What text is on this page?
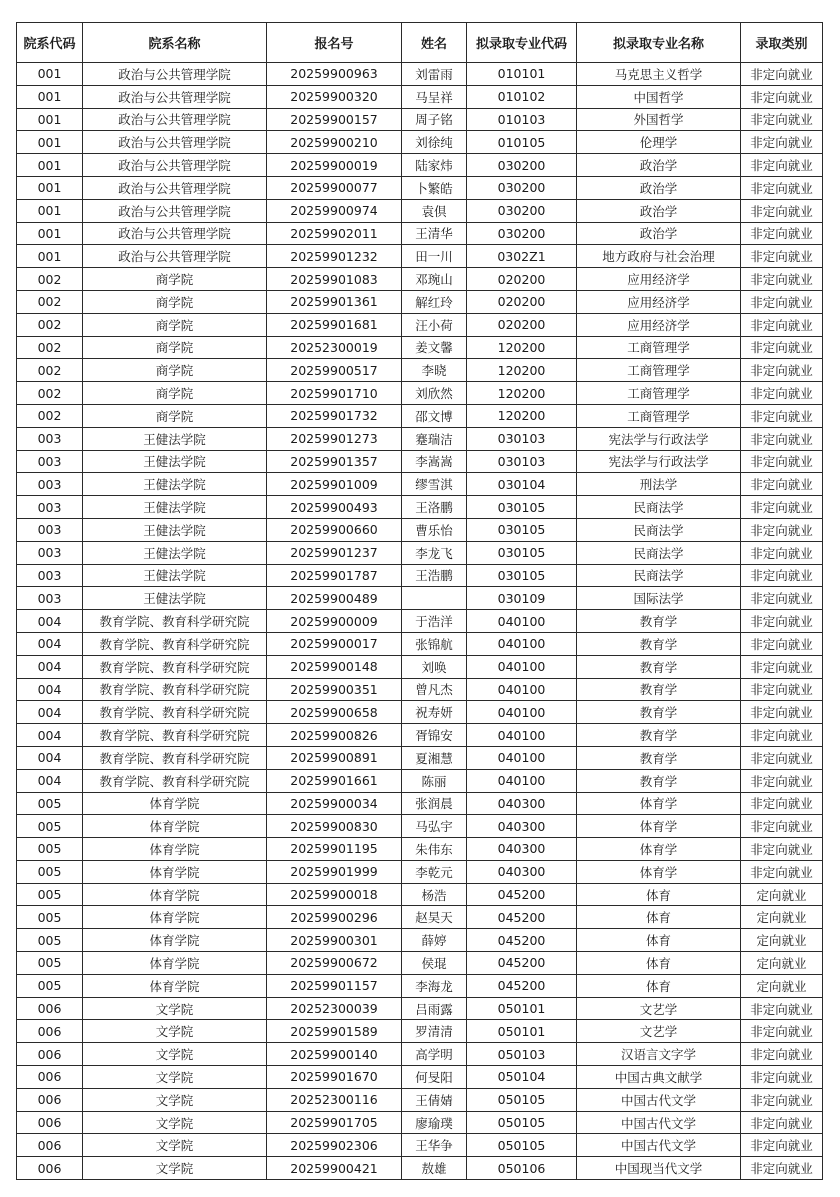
院系代码	院系名称	报名号	姓名	拟录取专业代码	拟录取专业名称	录取类别
001	政治与公共管理学院	20259900963	刘雷雨	010101	马克思主义哲学	非定向就业
001	政治与公共管理学院	20259900320	马呈祥	010102	中国哲学	非定向就业
001	政治与公共管理学院	20259900157	周子铭	010103	外国哲学	非定向就业
001	政治与公共管理学院	20259900210	刘徐纯	010105	伦理学	非定向就业
001	政治与公共管理学院	20259900019	陆家炜	030200	政治学	非定向就业
001	政治与公共管理学院	20259900077	卜繁皓	030200	政治学	非定向就业
001	政治与公共管理学院	20259900974	袁倶	030200	政治学	非定向就业
001	政治与公共管理学院	20259902011	王清华	030200	政治学	非定向就业
001	政治与公共管理学院	20259901232	田一川	0302Z1	地方政府与社会治理	非定向就业
002	商学院	20259901083	邓琬山	020200	应用经济学	非定向就业
002	商学院	20259901361	解红玲	020200	应用经济学	非定向就业
002	商学院	20259901681	汪小荷	020200	应用经济学	非定向就业
002	商学院	20252300019	姜文馨	120200	工商管理学	非定向就业
002	商学院	20259900517	李晓	120200	工商管理学	非定向就业
002	商学院	20259901710	刘欣然	120200	工商管理学	非定向就业
002	商学院	20259901732	邵文博	120200	工商管理学	非定向就业
003	王健法学院	20259901273	蹇瑞洁	030103	宪法学与行政法学	非定向就业
003	王健法学院	20259901357	李嵩嵩	030103	宪法学与行政法学	非定向就业
003	王健法学院	20259901009	缪雪淇	030104	刑法学	非定向就业
003	王健法学院	20259900493	王洛鹏	030105	民商法学	非定向就业
003	王健法学院	20259900660	曹乐怡	030105	民商法学	非定向就业
003	王健法学院	20259901237	李龙飞	030105	民商法学	非定向就业
003	王健法学院	20259901787	王浩鹏	030105	民商法学	非定向就业
003	王健法学院	20259900489		030109	国际法学	非定向就业
004	教育学院、教育科学研究院	20259900009	于浩洋	040100	教育学	非定向就业
004	教育学院、教育科学研究院	20259900017	张锦航	040100	教育学	非定向就业
004	教育学院、教育科学研究院	20259900148	刘唤	040100	教育学	非定向就业
004	教育学院、教育科学研究院	20259900351	曾凡杰	040100	教育学	非定向就业
004	教育学院、教育科学研究院	20259900658	祝寿妍	040100	教育学	非定向就业
004	教育学院、教育科学研究院	20259900826	胥锦安	040100	教育学	非定向就业
004	教育学院、教育科学研究院	20259900891	夏湘慧	040100	教育学	非定向就业
004	教育学院、教育科学研究院	20259901661	陈丽	040100	教育学	非定向就业
005	体育学院	20259900034	张润晨	040300	体育学	非定向就业
005	体育学院	20259900830	马弘宇	040300	体育学	非定向就业
005	体育学院	20259901195	朱伟东	040300	体育学	非定向就业
005	体育学院	20259901999	李乾元	040300	体育学	非定向就业
005	体育学院	20259900018	杨浩	045200	体育	定向就业
005	体育学院	20259900296	赵昊天	045200	体育	定向就业
005	体育学院	20259900301	薛婷	045200	体育	定向就业
005	体育学院	20259900672	侯琨	045200	体育	定向就业
005	体育学院	20259901157	李海龙	045200	体育	定向就业
006	文学院	20252300039	吕雨露	050101	文艺学	非定向就业
006	文学院	20259901589	罗清清	050101	文艺学	非定向就业
006	文学院	20259900140	高学明	050103	汉语言文字学	非定向就业
006	文学院	20259901670	何旻阳	050104	中国古典文献学	非定向就业
006	文学院	20252300116	王倩婧	050105	中国古代文学	非定向就业
006	文学院	20259901705	廖瑜璞	050105	中国古代文学	非定向就业
006	文学院	20259902306	王华争	050105	中国古代文学	非定向就业
006	文学院	20259900421	敖雄	050106	中国现当代文学	非定向就业
